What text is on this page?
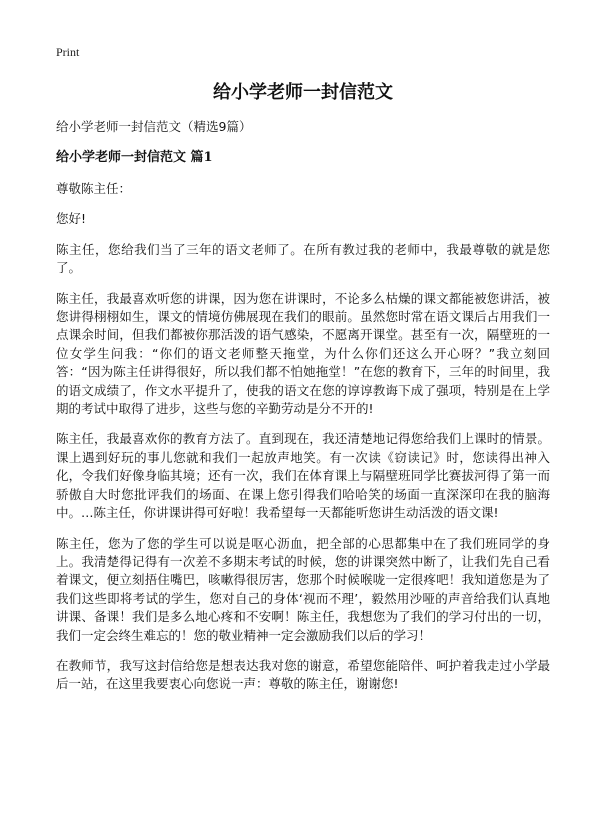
Print

给小学老师一封信范文

给小学老师一封信范文（精选9篇）

给小学老师一封信范文 篇1

尊敬陈主任：

您好!

陈主任，您给我们当了三年的语文老师了。在所有教过我的老师中，我最尊敬的就是您了。

陈主任，我最喜欢听您的讲课，因为您在讲课时，不论多么枯燥的课文都能被您讲活，被您讲得栩栩如生，课文的情境仿佛展现在我们的眼前。虽然您时常在语文课后占用我们一点课余时间，但我们都被你那活泼的语气感染，不愿离开课堂。甚至有一次，隔壁班的一位女学生问我：“你们的语文老师整天拖堂，为什么你们还这么开心呀？”我立刻回答：“因为陈主任讲得很好，所以我们都不怕她拖堂！”在您的教育下，三年的时间里，我的语文成绩了，作文水平提升了，使我的语文在您的谆谆教诲下成了强项，特别是在上学期的考试中取得了进步，这些与您的辛勤劳动是分不开的!

陈主任，我最喜欢你的教育方法了。直到现在，我还清楚地记得您给我们上课时的情景。课上遇到好玩的事儿您就和我们一起放声地笑。有一次读《窃读记》时，您读得出神入化，令我们好像身临其境；还有一次，我们在体育课上与隔壁班同学比赛拔河得了第一而骄傲自大时您批评我们的场面、在课上您引得我们哈哈笑的场面一直深深印在我的脑海中。…陈主任，你讲课讲得可好啦！我希望每一天都能听您讲生动活泼的语文课!

陈主任，您为了您的学生可以说是呕心沥血，把全部的心思都集中在了我们班同学的身上。我清楚得记得有一次差不多期末考试的时候，您的讲课突然中断了，让我们先自己看着课文，便立刻捂住嘴巴，咳嗽得很厉害，您那个时候喉咙一定很疼吧！我知道您是为了我们这些即将考试的学生，您对自己的身体‘视而不理’，毅然用沙哑的声音给我们认真地讲课、备课！我们是多么地心疼和不安啊！陈主任，我想您为了我们的学习付出的一切，我们一定会终生难忘的！您的敬业精神一定会激励我们以后的学习！

在教师节，我写这封信给您是想表达我对您的谢意，希望您能陪伴、呵护着我走过小学最后一站，在这里我要衷心向您说一声：尊敬的陈主任，谢谢您!
